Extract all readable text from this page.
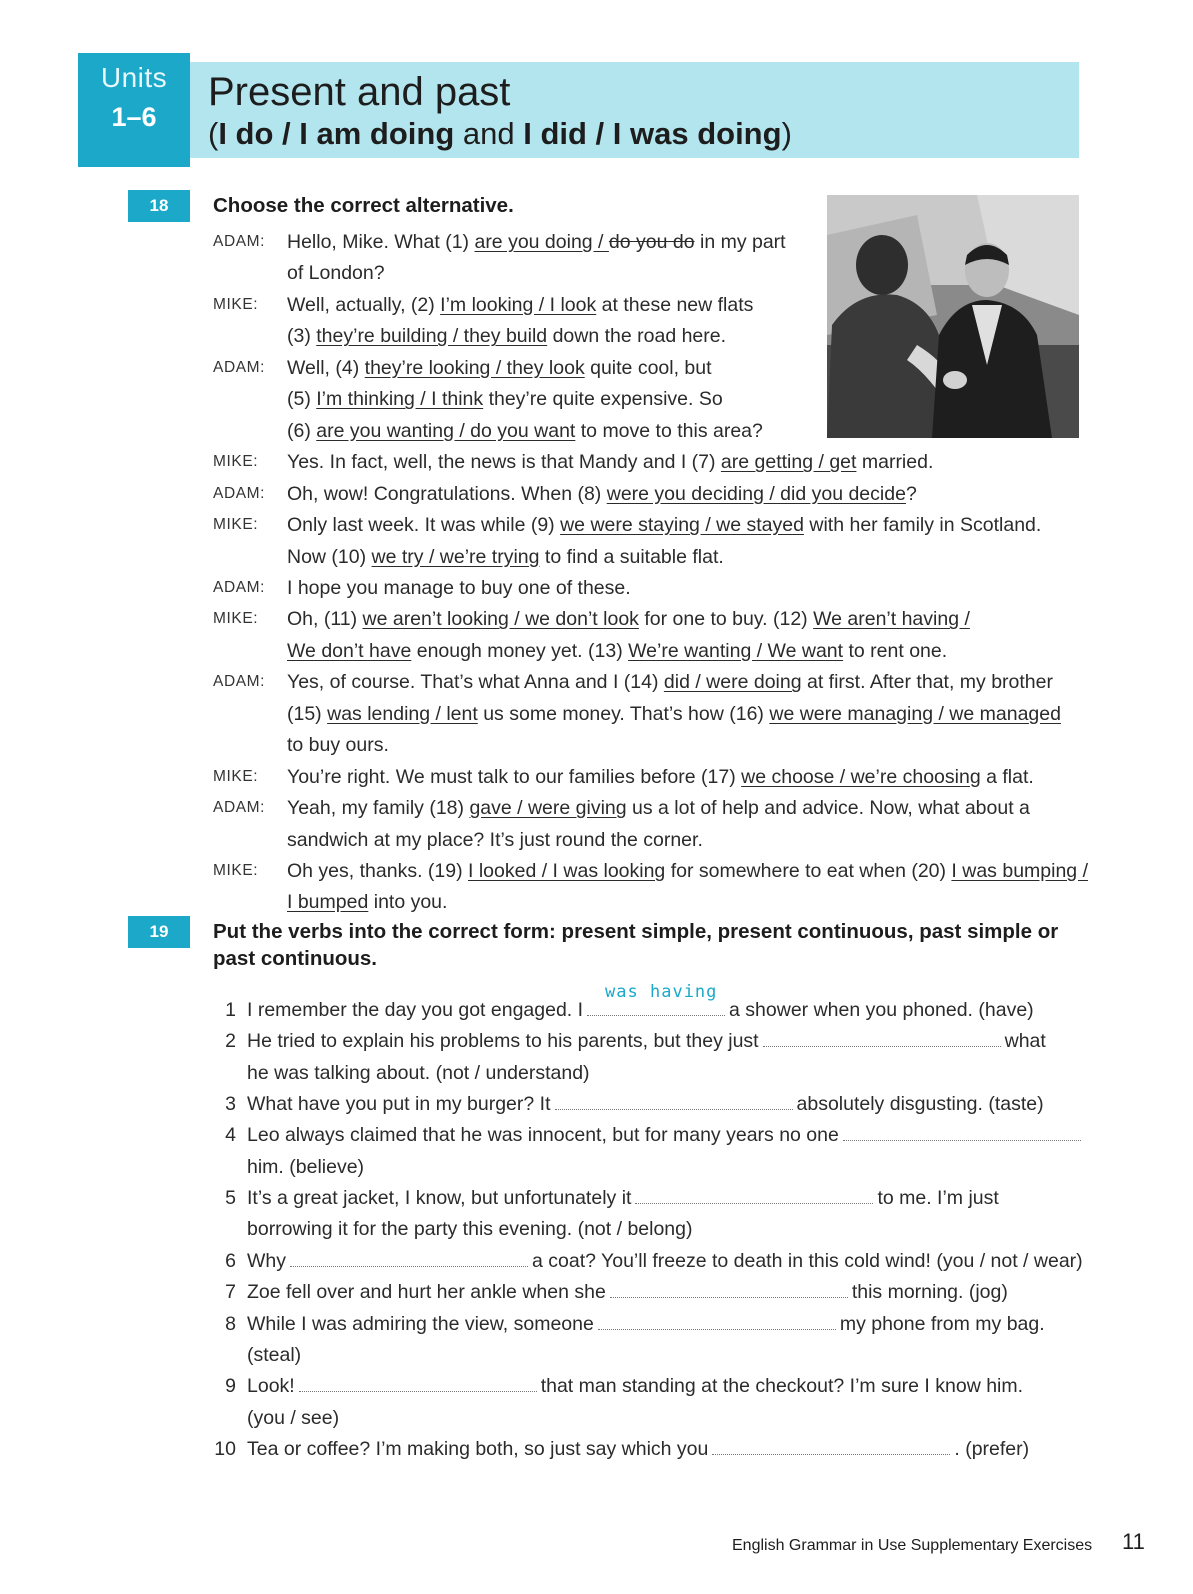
Units
1–6
Present and past
(I do / I am doing and I did / I was doing)
18	Choose the correct alternative.
ADAM: Hello, Mike. What (1) are you doing / do you do in my part
of London?
MIKE: Well, actually, (2) I’m looking / I look at these new flats
(3) they’re building / they build down the road here.
ADAM: Well, (4) they’re looking / they look quite cool, but
(5) I’m thinking / I think they’re quite expensive. So
(6) are you wanting / do you want to move to this area?
MIKE: Yes. In fact, well, the news is that Mandy and I (7) are getting / get married.
ADAM: Oh, wow! Congratulations. When (8) were you deciding / did you decide?
MIKE: Only last week. It was while (9) we were staying / we stayed with her family in Scotland.
Now (10) we try / we’re trying to find a suitable flat.
ADAM: I hope you manage to buy one of these.
MIKE: Oh, (11) we aren’t looking / we don’t look for one to buy. (12) We aren’t having /
We don’t have enough money yet. (13) We’re wanting / We want to rent one.
ADAM: Yes, of course. That’s what Anna and I (14) did / were doing at first. After that, my brother
(15) was lending / lent us some money. That’s how (16) we were managing / we managed
to buy ours.
MIKE: You’re right. We must talk to our families before (17) we choose / we’re choosing a flat.
ADAM: Yeah, my family (18) gave / were giving us a lot of help and advice. Now, what about a
sandwich at my place? It’s just round the corner.
MIKE: Oh yes, thanks. (19) I looked / I was looking for somewhere to eat when (20) I was bumping /
I bumped into you.
19	Put the verbs into the correct form: present simple, present continuous, past simple or
past continuous.
1 I remember the day you got engaged. I
was having
a shower when you phoned. (have)
2 He tried to explain his problems to his parents, but they just	what
he was talking about. (not / understand)
3 What have you put in my burger? It	absolutely disgusting. (taste)
4 Leo always claimed that he was innocent, but for many years no one
him. (believe)
5 It’s a great jacket, I know, but unfortunately it	to me. I’m just
borrowing it for the party this evening. (not / belong)
6 Why	a coat? You’ll freeze to death in this cold wind! (you / not / wear)
7 Zoe fell over and hurt her ankle when she	this morning. (jog)
8 While I was admiring the view, someone	my phone from my bag.
(steal)
9 Look!	that man standing at the checkout? I’m sure I know him.
(you / see)
10 Tea or coffee? I’m making both, so just say which you	. (prefer)
English Grammar in Use Supplementary Exercises 11
